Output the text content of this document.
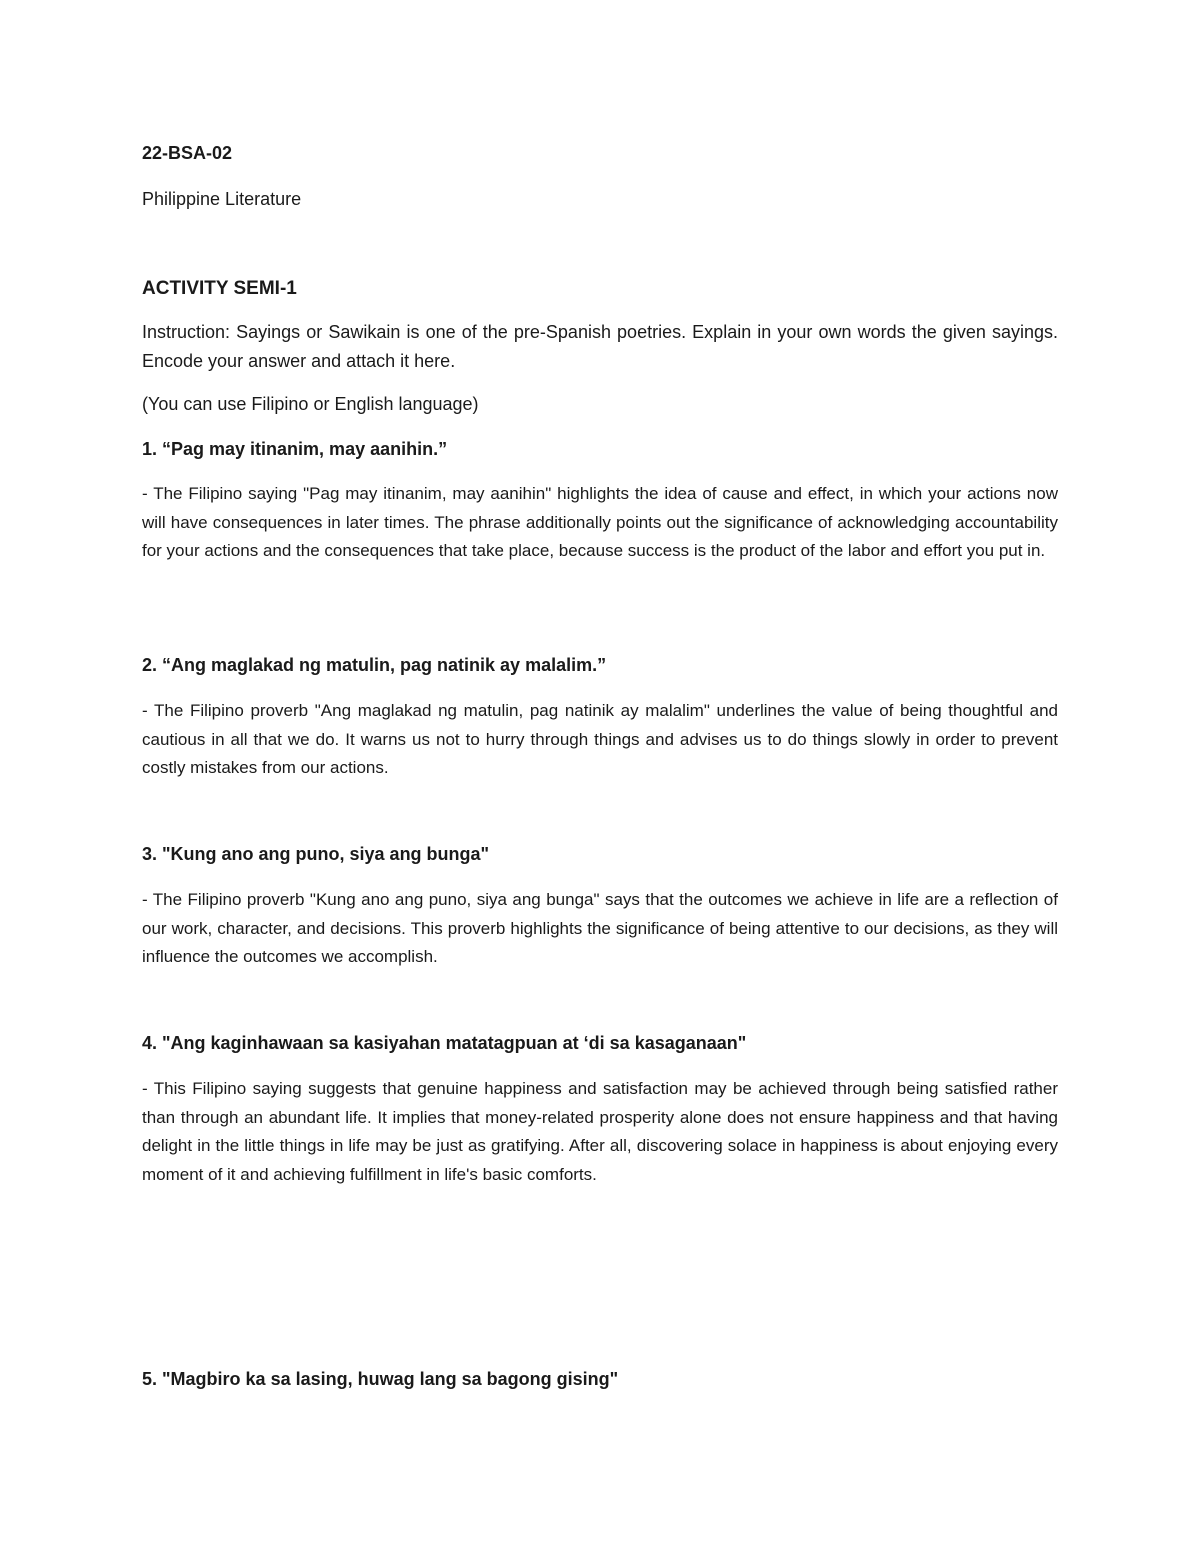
22-BSA-02

Philippine Literature

ACTIVITY SEMI-1

Instruction: Sayings or Sawikain is one of the pre-Spanish poetries. Explain in your own words the given sayings. Encode your answer and attach it here.

(You can use Filipino or English language)

1. “Pag may itinanim, may aanihin.”

- The Filipino saying "Pag may itinanim, may aanihin" highlights the idea of cause and effect, in which your actions now will have consequences in later times. The phrase additionally points out the significance of acknowledging accountability for your actions and the consequences that take place, because success is the product of the labor and effort you put in.

2. “Ang maglakad ng matulin, pag natinik ay malalim.”

- The Filipino proverb "Ang maglakad ng matulin, pag natinik ay malalim" underlines the value of being thoughtful and cautious in all that we do. It warns us not to hurry through things and advises us to do things slowly in order to prevent costly mistakes from our actions.

3. "Kung ano ang puno, siya ang bunga"

- The Filipino proverb "Kung ano ang puno, siya ang bunga" says that the outcomes we achieve in life are a reflection of our work, character, and decisions. This proverb highlights the significance of being attentive to our decisions, as they will influence the outcomes we accomplish.

4. "Ang kaginhawaan sa kasiyahan matatagpuan at ‘di sa kasaganaan"

- This Filipino saying suggests that genuine happiness and satisfaction may be achieved through being satisfied rather than through an abundant life. It implies that money-related prosperity alone does not ensure happiness and that having delight in the little things in life may be just as gratifying. After all, discovering solace in happiness is about enjoying every moment of it and achieving fulfillment in life's basic comforts.

5. "Magbiro ka sa lasing, huwag lang sa bagong gising"
